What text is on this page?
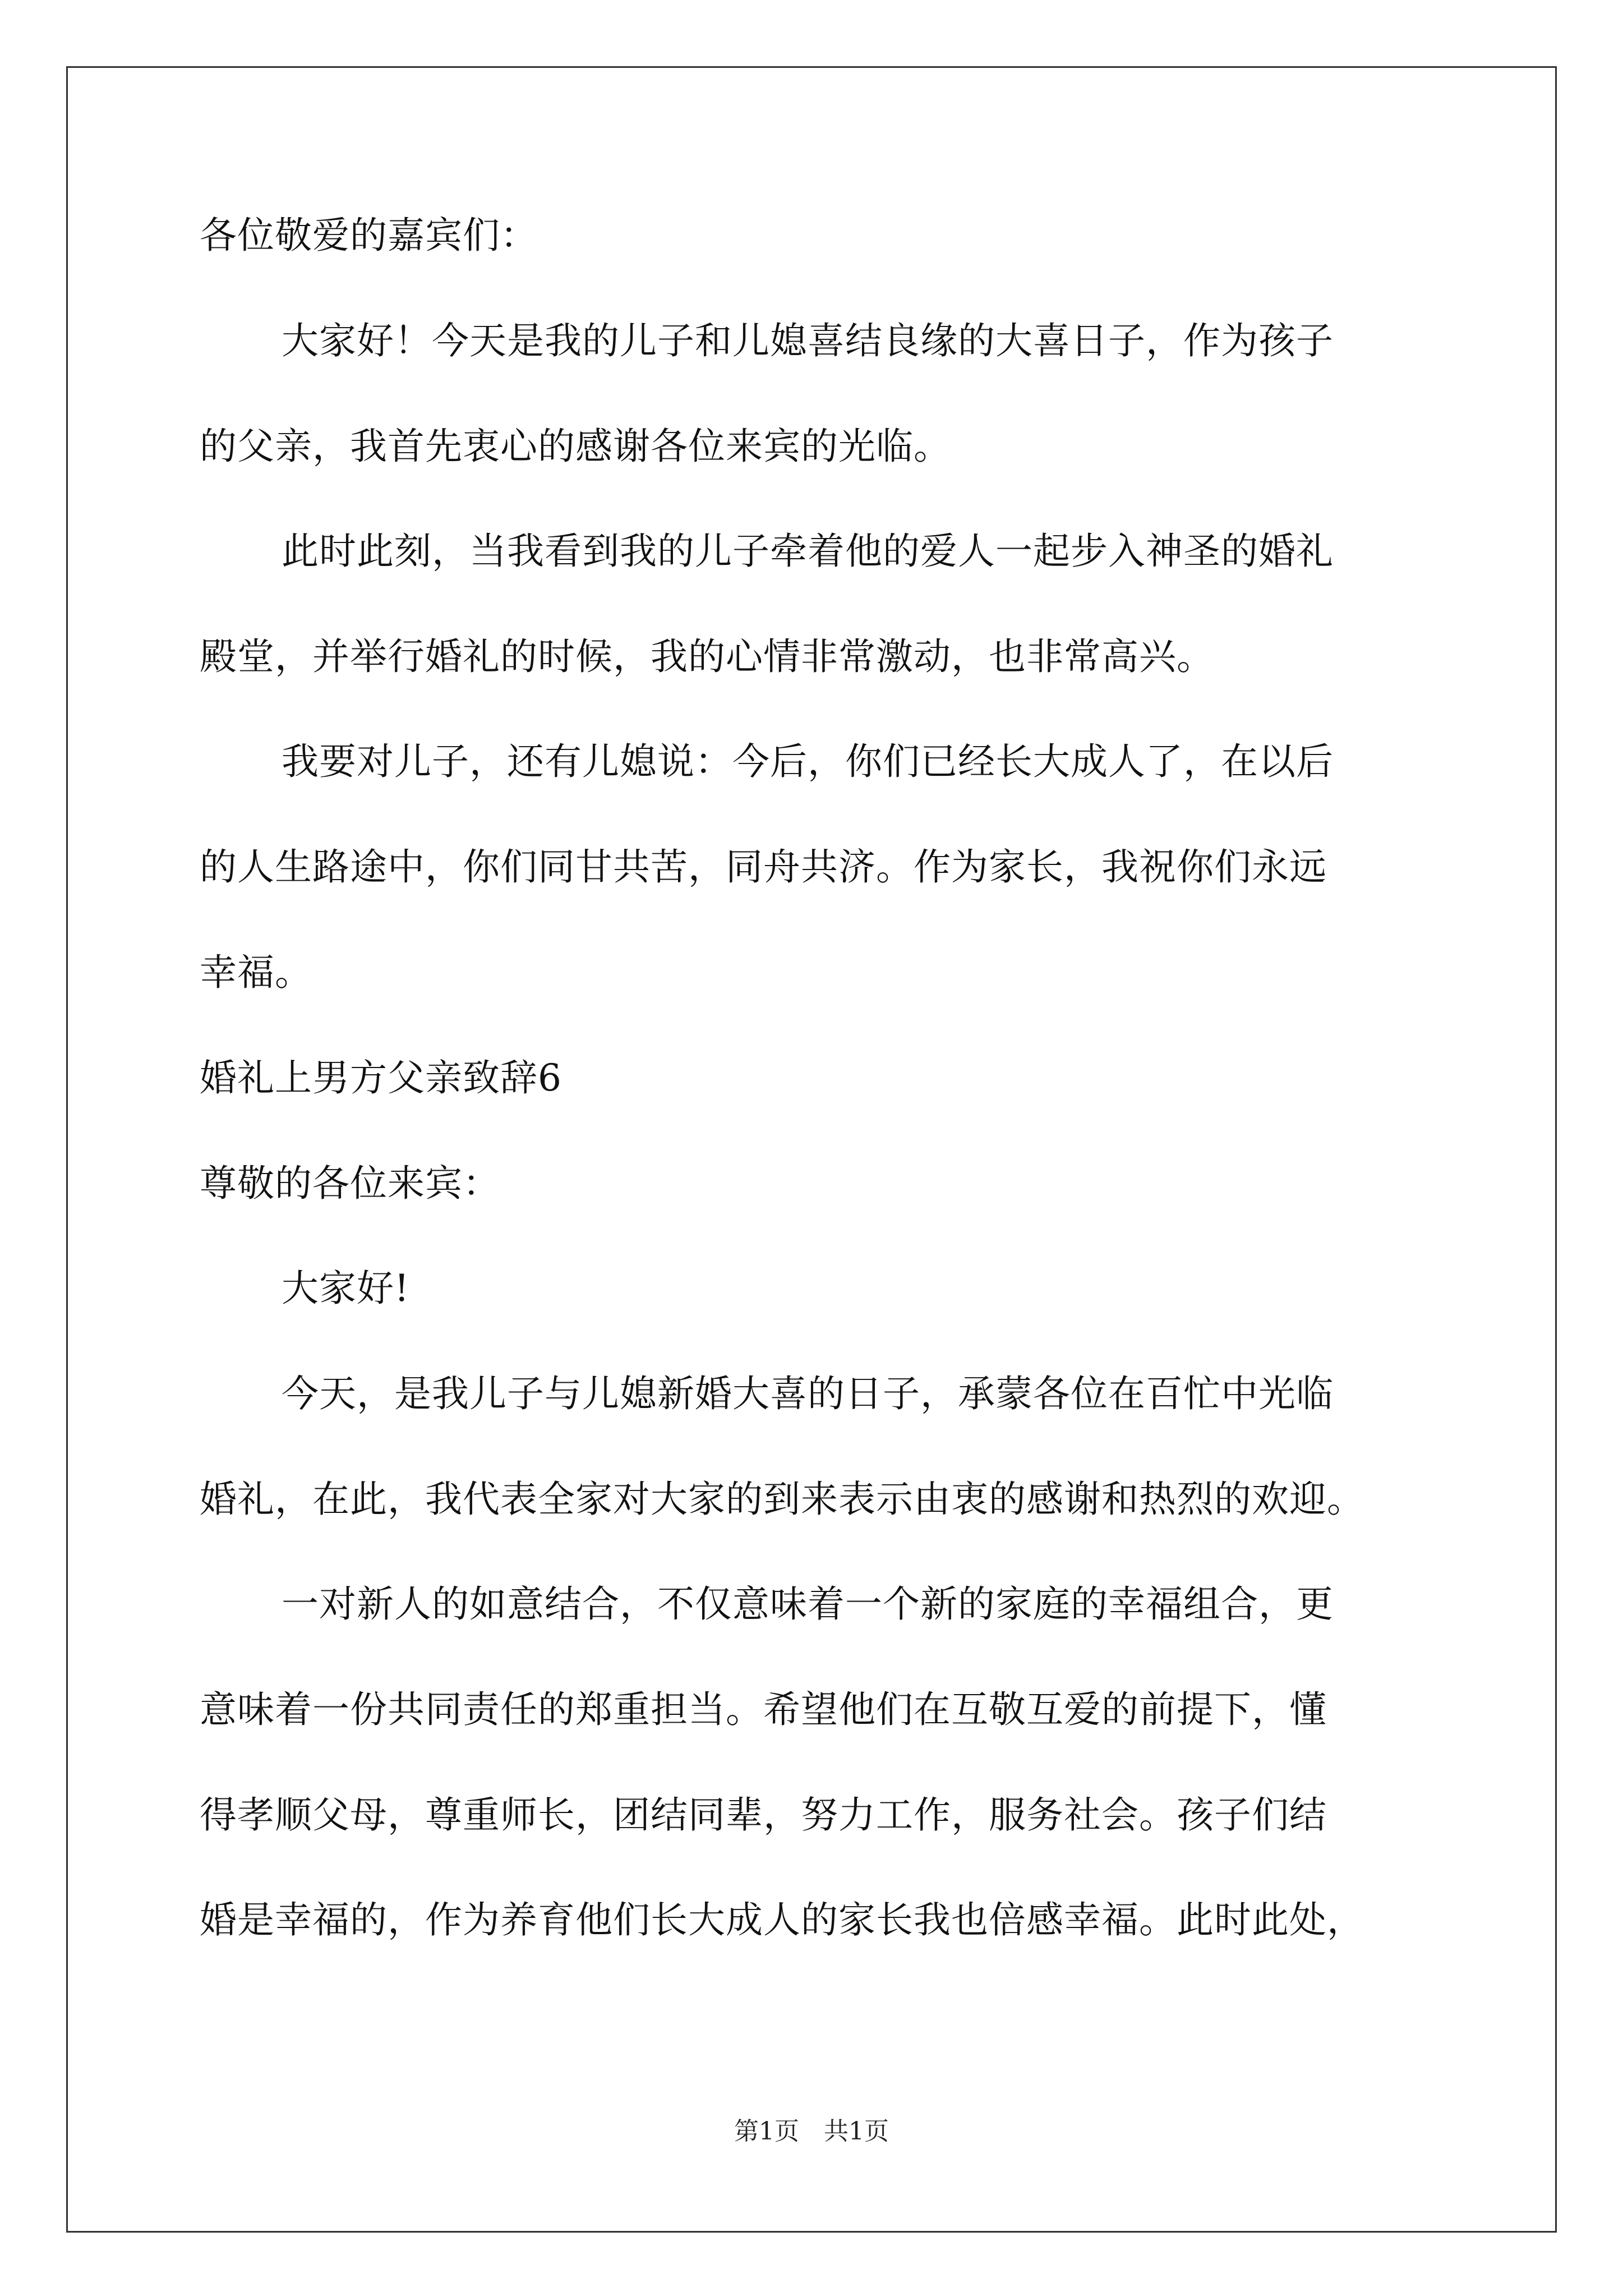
各位敬爱的嘉宾们：
大家好！今天是我的儿子和儿媳喜结良缘的大喜日子，作为孩子
的父亲，我首先衷心的感谢各位来宾的光临。
此时此刻，当我看到我的儿子牵着他的爱人一起步入神圣的婚礼
殿堂，并举行婚礼的时候，我的心情非常激动，也非常高兴。
我要对儿子，还有儿媳说：今后，你们已经长大成人了，在以后
的人生路途中，你们同甘共苦，同舟共济。作为家长，我祝你们永远
幸福。
婚礼上男方父亲致辞6
尊敬的各位来宾：
大家好!
今天，是我儿子与儿媳新婚大喜的日子，承蒙各位在百忙中光临
婚礼，在此，我代表全家对大家的到来表示由衷的感谢和热烈的欢迎。
一对新人的如意结合，不仅意味着一个新的家庭的幸福组合，更
意味着一份共同责任的郑重担当。希望他们在互敬互爱的前提下，懂
得孝顺父母，尊重师长，团结同辈，努力工作，服务社会。孩子们结
婚是幸福的，作为养育他们长大成人的家长我也倍感幸福。此时此处，
第1页　共1页
